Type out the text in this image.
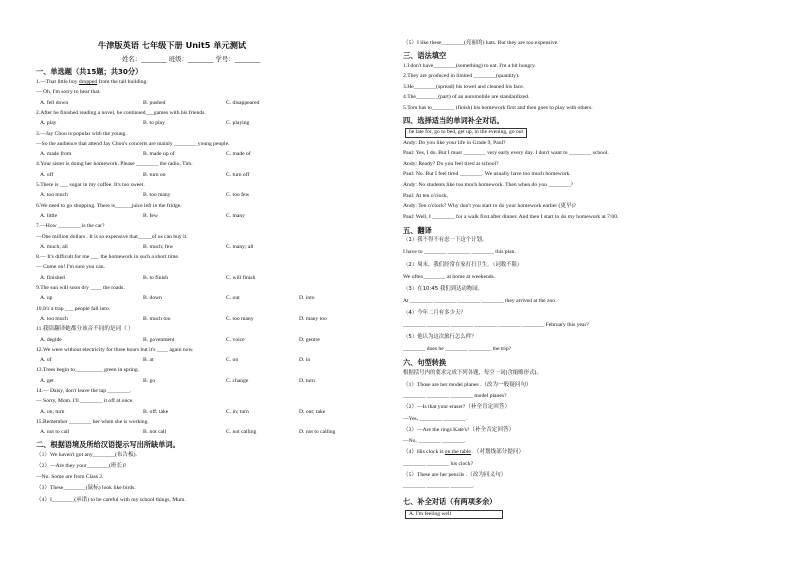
牛津版英语 七年级下册 Unit5 单元测试
姓名：________ 班级：________ 学号：________
一、单选题（共15题；共30分）
1.—That little boy dropped from the tall building.
— Oh, I'm sorry to hear that.
A. fell down	B. pushed	C. disappeared
2.After he finished reading a novel, he continued___games with his friends.
A. play	B. to play	C. playing
3.—Jay Chou is popular with the young.
—So the audience that attend Jay Chou's concerts are mainly ________ young people.
A. made from	B. made up of	C. made of
4.Your sister is doing her homework. Please ________ the radio, Tim.
A. off	B. turn on	C. turn off
5.There is ___ sugar in my coffee. It's too sweet.
A. too much	B. too many	C. too few
6.We need to go shopping. There is______juice left in the fridge.
A. little	B. few	C. many
7.—How ________ is the car?
—One million dollars . It is so expensive that_____of us can buy it.
A. much; all	B. much; few	C. many; all
8.— It's difficult for me ___ the homework in such a short time.
— Come on! I'm sure you can.
A. finished	B. to finish	C. will finish
9.The sun will soon dry ____ the roads.
A. up	B. down	C. out	D. into
10.It's a trap ___ people fall into.
A. too much	B. much too	C. too many	D. many too
11.我陪翻译她都分该音不同的是词（ ）
A. degide	B. govenment	C. voice	D. gentre
12.We were without electricity for three hours but it's ____ again now.
A. of	B. at	C. on	D. in
13.Trees begin to__________ green in spring.
A. get	B. go	C. change	D. turn
14.— Daisy, don't leave the tap ________.
— Sorry, Mom. I'll ________ it off at once.
A. on; turn	B. off; take	C. in; turn	D. out; take
15.Remember ________ her when she is working.
A. not to call	B. not call	C. not calling	D. not to calling
二、根据语境及所给汉语提示写出所缺单词。
（1）We haven't got any________(布告板).
（2）—Are they your________(班长)?
—No. Some are from Class 2.
（3）These________(鼠标) look like birds.
（4）I________(承诺) to be careful with my school things, Mum.
（5）I like these________(亮丽的) hats. But they are too expensive.
三、语法填空
1.I don't have________(something) to eat. I'm a bit hungry.
2.They are produced in limited ________(quantity).
3.He________(spread) his towel and cleaned his face.
4.The________(part) of an automobile are standardized.
5.Tom has to________ (finish) his homework first and then goes to play with others.
四、选择适当的单词补全对话。
be late for, go to bed, get up, in the evening, go out
Andy: Do you like your life in Grade 9, Paul?
Paul: Yes, I do. But I must ________ very early every day. I don't want to ________ school.
Andy: Ready? Do you feel tired at school?
Paul: No. But I feel tired ________. We usually have too much homework.
Andy: No students like too much homework. Then when do you ________?
Paul: At ten o'clock.
Andy: Ten o'clock? Why don't you start to do your homework earlier (更早)?
Paul: Well, I ________ for a walk first after dinner. And then I start to do my homework at 7:00.
五、翻译
（1）我不得不有虑一下这个计划。
I have to ________ ________ ________ this plan.
（2）周末，我们经常在家打扫卫生。（词数不限）
We often________ at home at weekends.
（3）在10:45 我们到达动物园。
At ________ ________ ________ ________ they arrived at the zoo.
（4）今年二月有多少天？
________ ________ ________ ________ ________ ________ February this year?
（5）他认为这次旅行怎么样？
________ does he ________ ________ the trip?
六、句型转换
根据括号内的要求完成下列各题，每空一词(含缩略形式)。
（1）Those are her model planes .（改为一般疑问句）
________ ________ ________ model planes?
（2）—Is that your eraser?（补全肯定回答）
—Yes, ________ ________.
（3）—Are the rings Kate's?（补全否定回答）
—No, ________ ________.
（4）His clock is on the table .（对划线部分提问）
________ ________ his clock?
（5）These are her pencils .（改为同义句）
________ ________ ________.
七、补全对话（有两项多余）
A. I'm feeling well
